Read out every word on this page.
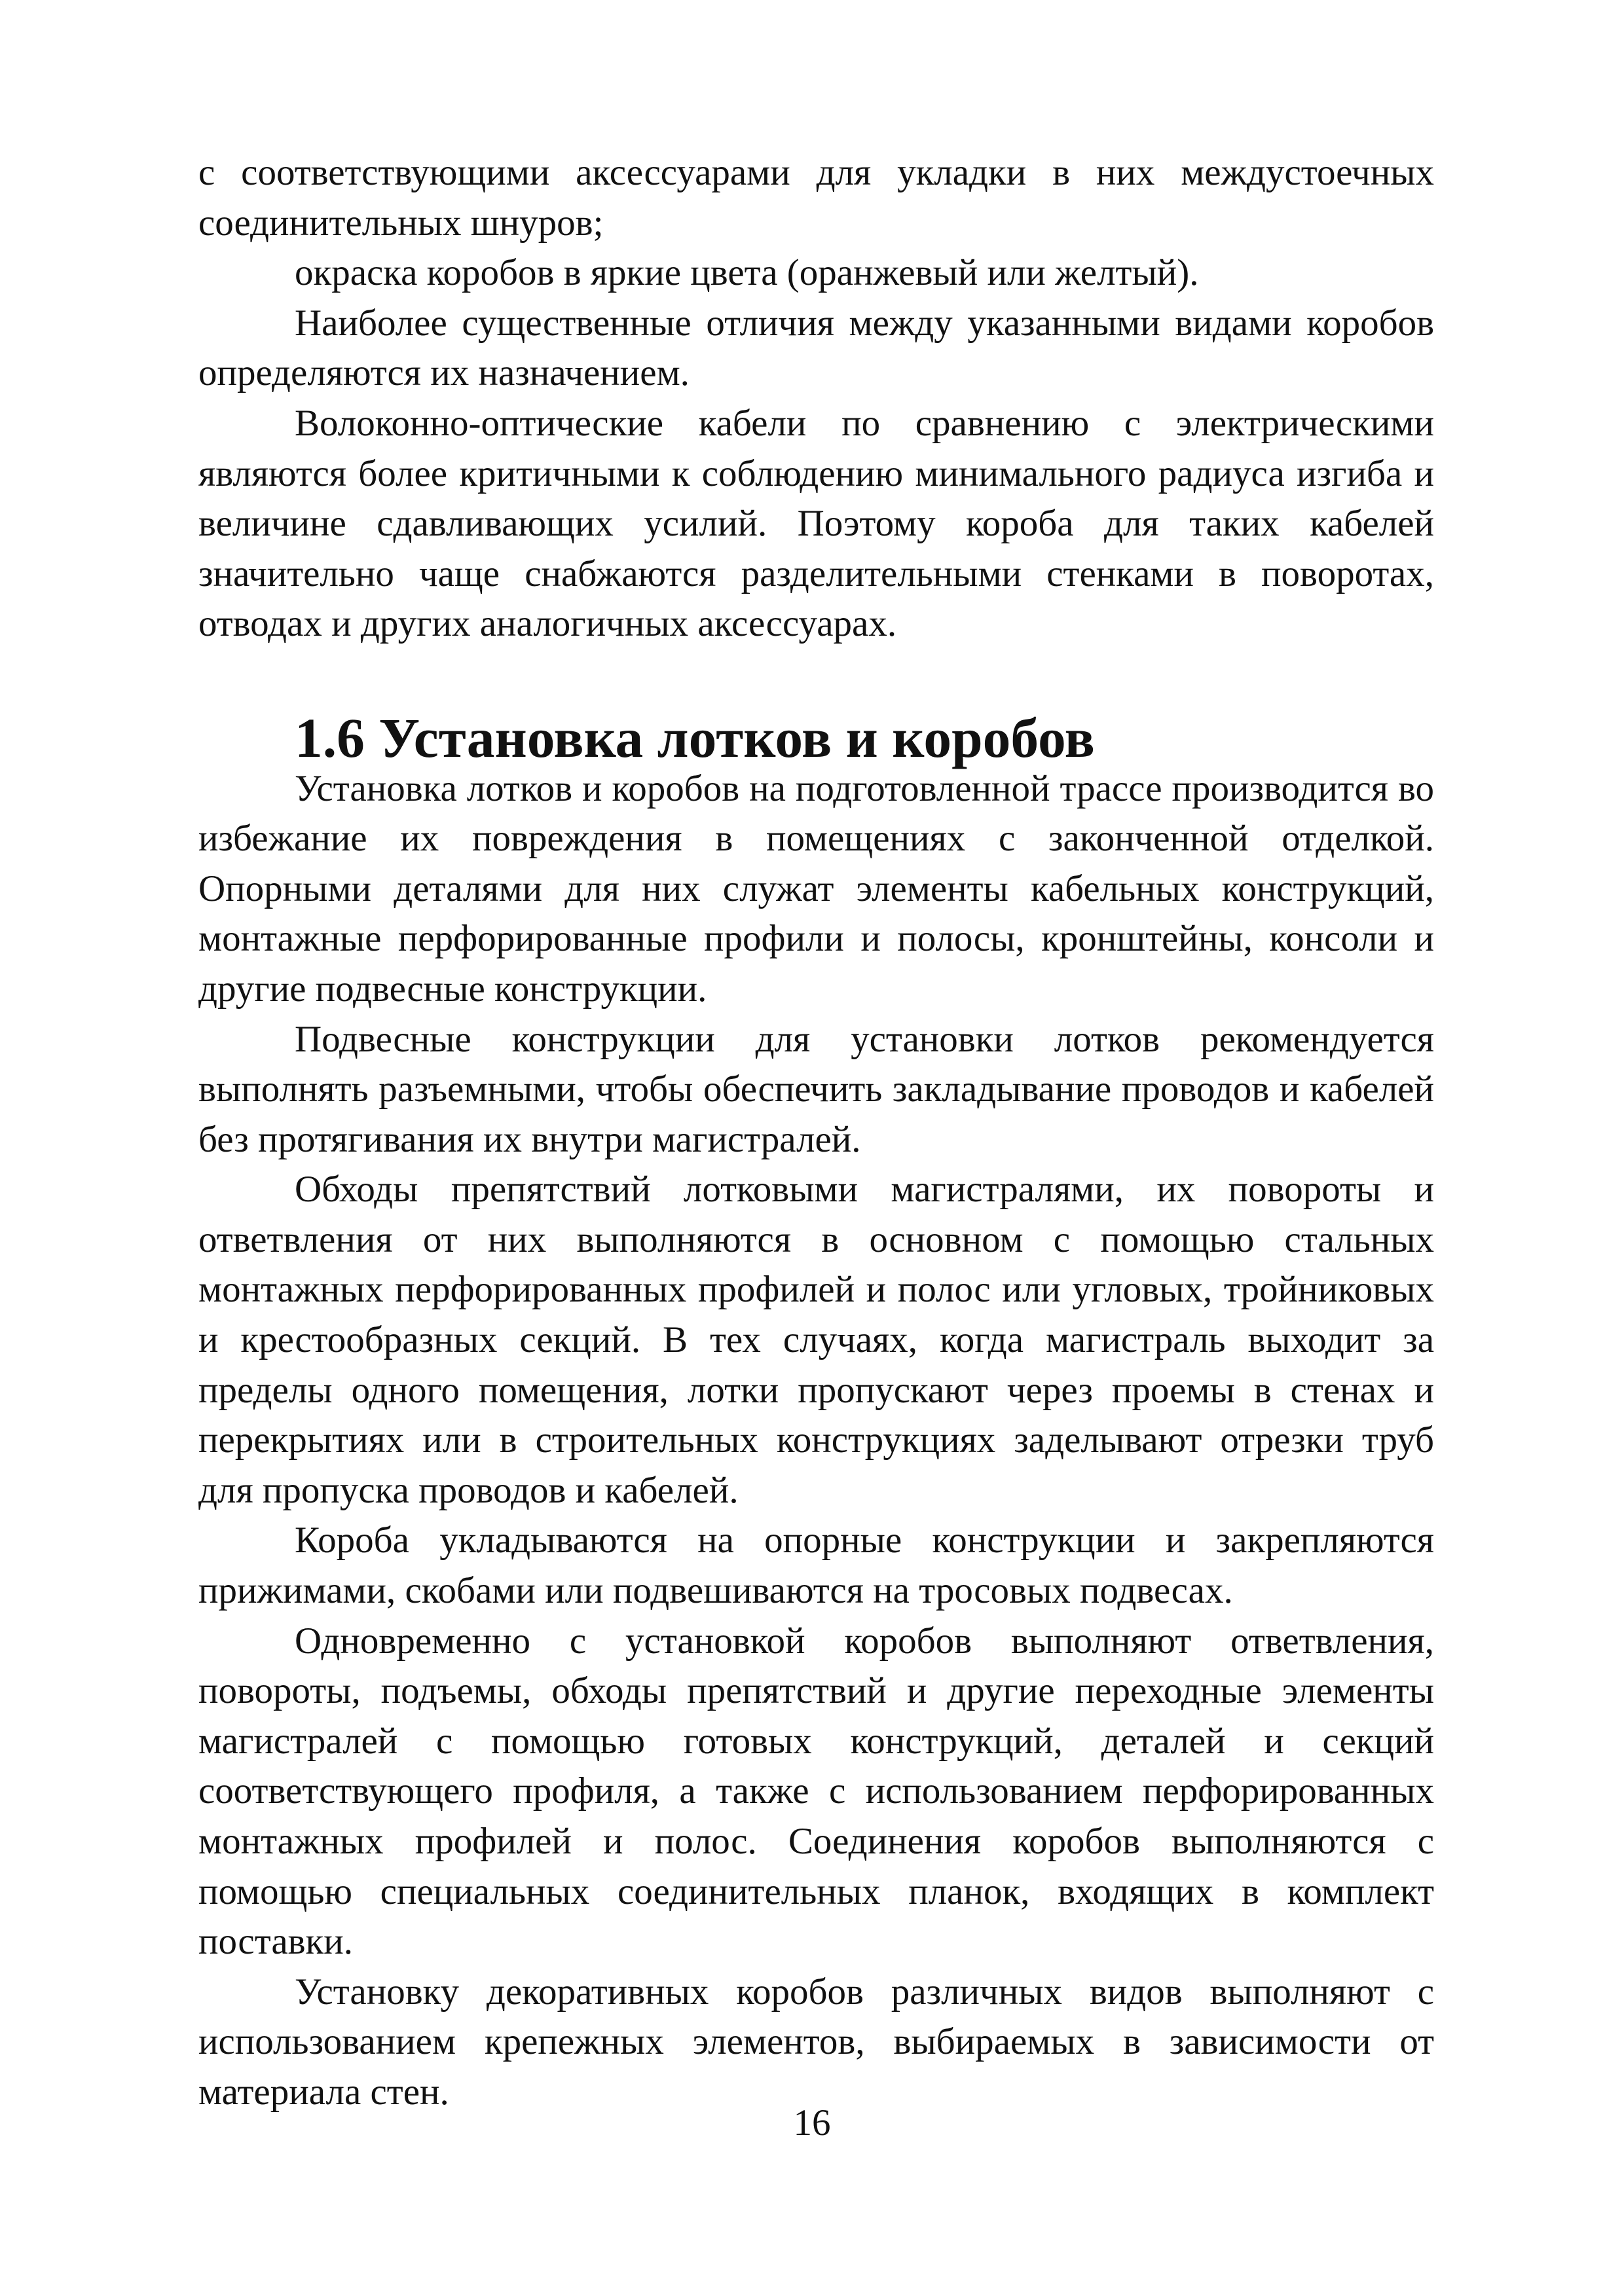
с соответствующими аксессуарами для укладки в них междустоечных соединительных шнуров;

окраска коробов в яркие цвета (оранжевый или желтый).

Наиболее существенные отличия между указанными видами коробов определяются их назначением.

Волоконно-оптические кабели по сравнению с электрическими являются более критичными к соблюдению минимального радиуса изгиба и величине сдавливающих усилий. Поэтому короба для таких кабелей значительно чаще снабжаются разделительными стенками в поворотах, отводах и других аналогичных аксессуарах.

1.6 Установка лотков и коробов

Установка лотков и коробов на подготовленной трассе производится во избежание их повреждения в помещениях с законченной отделкой. Опорными деталями для них служат элементы кабельных конструкций, монтажные перфорированные профили и полосы, кронштейны, консоли и другие подвесные конструкции.

Подвесные конструкции для установки лотков рекомендуется выполнять разъемными, чтобы обеспечить закладывание проводов и кабелей без протягивания их внутри магистралей.

Обходы препятствий лотковыми магистралями, их повороты и ответвления от них выполняются в основном с помощью стальных монтажных перфорированных профилей и полос или угловых, тройниковых и крестообразных секций. В тех случаях, когда магистраль выходит за пределы одного помещения, лотки пропускают через проемы в стенах и перекрытиях или в строительных конструкциях заделывают отрезки труб для пропуска проводов и кабелей.

Короба укладываются на опорные конструкции и закрепляются прижимами, скобами или подвешиваются на тросовых подвесах.

Одновременно с установкой коробов выполняют ответвления, повороты, подъемы, обходы препятствий и другие переходные элементы магистралей с помощью готовых конструкций, деталей и секций соответствующего профиля, а также с использованием перфорированных монтажных профилей и полос. Соединения коробов выполняются с помощью специальных соединительных планок, входящих в комплект поставки.

Установку декоративных коробов различных видов выполняют с использованием крепежных элементов, выбираемых в зависимости от материала стен.

16
